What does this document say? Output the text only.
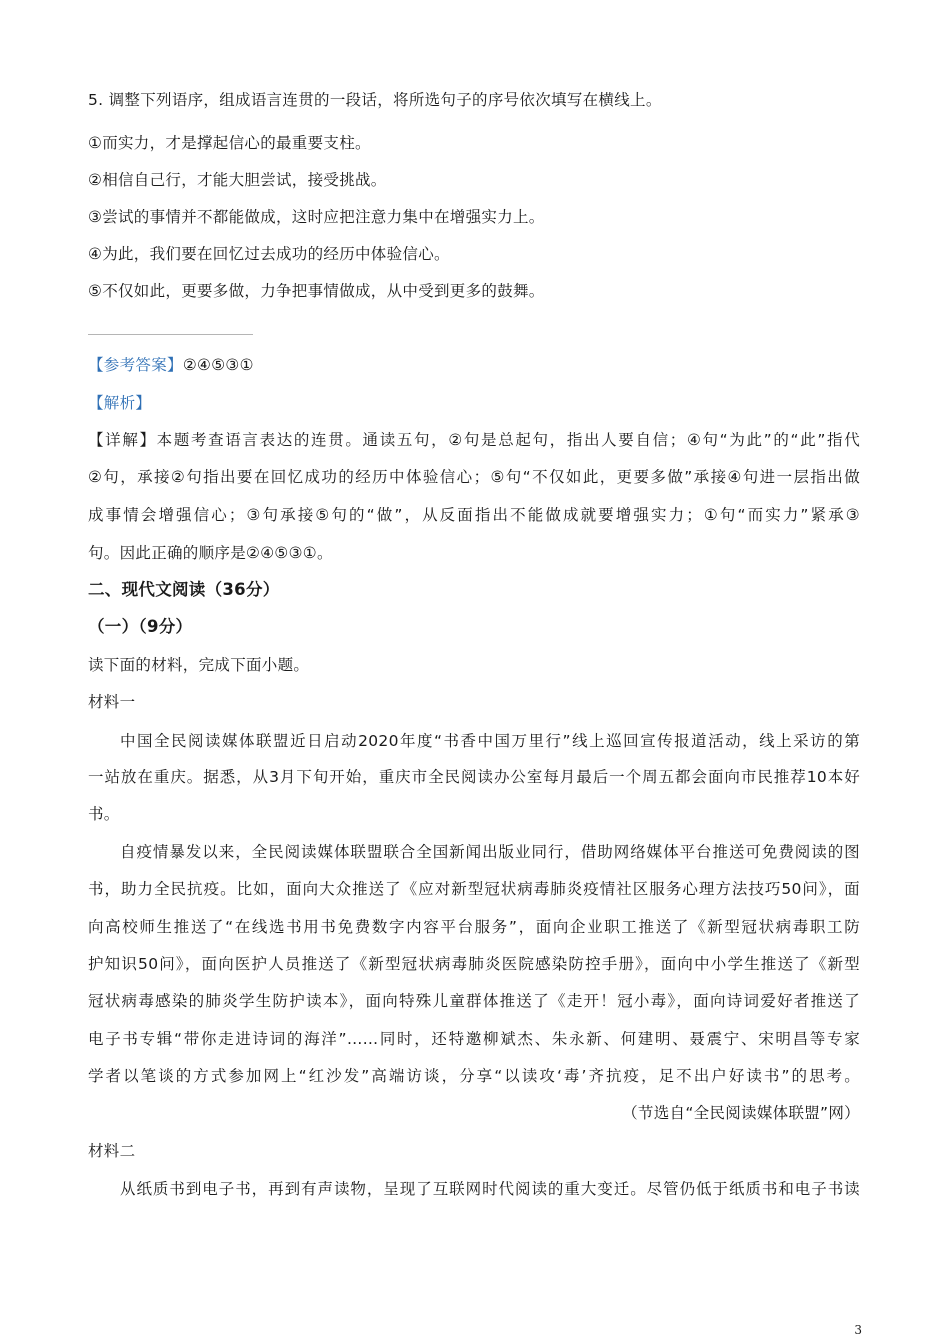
5. 调整下列语序，组成语言连贯的一段话，将所选句子的序号依次填写在横线上。
①而实力，才是撑起信心的最重要支柱。
②相信自己行，才能大胆尝试，接受挑战。
③尝试的事情并不都能做成，这时应把注意力集中在增强实力上。
④为此，我们要在回忆过去成功的经历中体验信心。
⑤不仅如此，更要多做，力争把事情做成，从中受到更多的鼓舞。
【参考答案】②④⑤③①
【解析】
【详解】本题考查语言表达的连贯。通读五句，②句是总起句，指出人要自信；④句“为此”的“此”指代
②句，承接②句指出要在回忆成功的经历中体验信心；⑤句“不仅如此，更要多做”承接④句进一层指出做
成事情会增强信心；③句承接⑤句的“做”，从反面指出不能做成就要增强实力；①句“而实力”紧承③
句。因此正确的顺序是②④⑤③①。
二、现代文阅读（36分）
（一）（9分）
读下面的材料，完成下面小题。
材料一
中国全民阅读媒体联盟近日启动2020年度“书香中国万里行”线上巡回宣传报道活动，线上采访的第
一站放在重庆。据悉，从3月下旬开始，重庆市全民阅读办公室每月最后一个周五都会面向市民推荐10本好
书。
自疫情暴发以来，全民阅读媒体联盟联合全国新闻出版业同行，借助网络媒体平台推送可免费阅读的图
书，助力全民抗疫。比如，面向大众推送了《应对新型冠状病毒肺炎疫情社区服务心理方法技巧50问》，面
向高校师生推送了“在线选书用书免费数字内容平台服务”，面向企业职工推送了《新型冠状病毒职工防
护知识50问》，面向医护人员推送了《新型冠状病毒肺炎医院感染防控手册》，面向中小学生推送了《新型
冠状病毒感染的肺炎学生防护读本》，面向特殊儿童群体推送了《走开！冠小毒》，面向诗词爱好者推送了
电子书专辑“带你走进诗词的海洋”……同时，还特邀柳斌杰、朱永新、何建明、聂震宁、宋明昌等专家
学者以笔谈的方式参加网上“红沙发”高端访谈，分享“以读攻‘毒’齐抗疫，足不出户好读书”的思考。
（节选自“全民阅读媒体联盟”网）
材料二
从纸质书到电子书，再到有声读物，呈现了互联网时代阅读的重大变迁。尽管仍低于纸质书和电子书读
3
